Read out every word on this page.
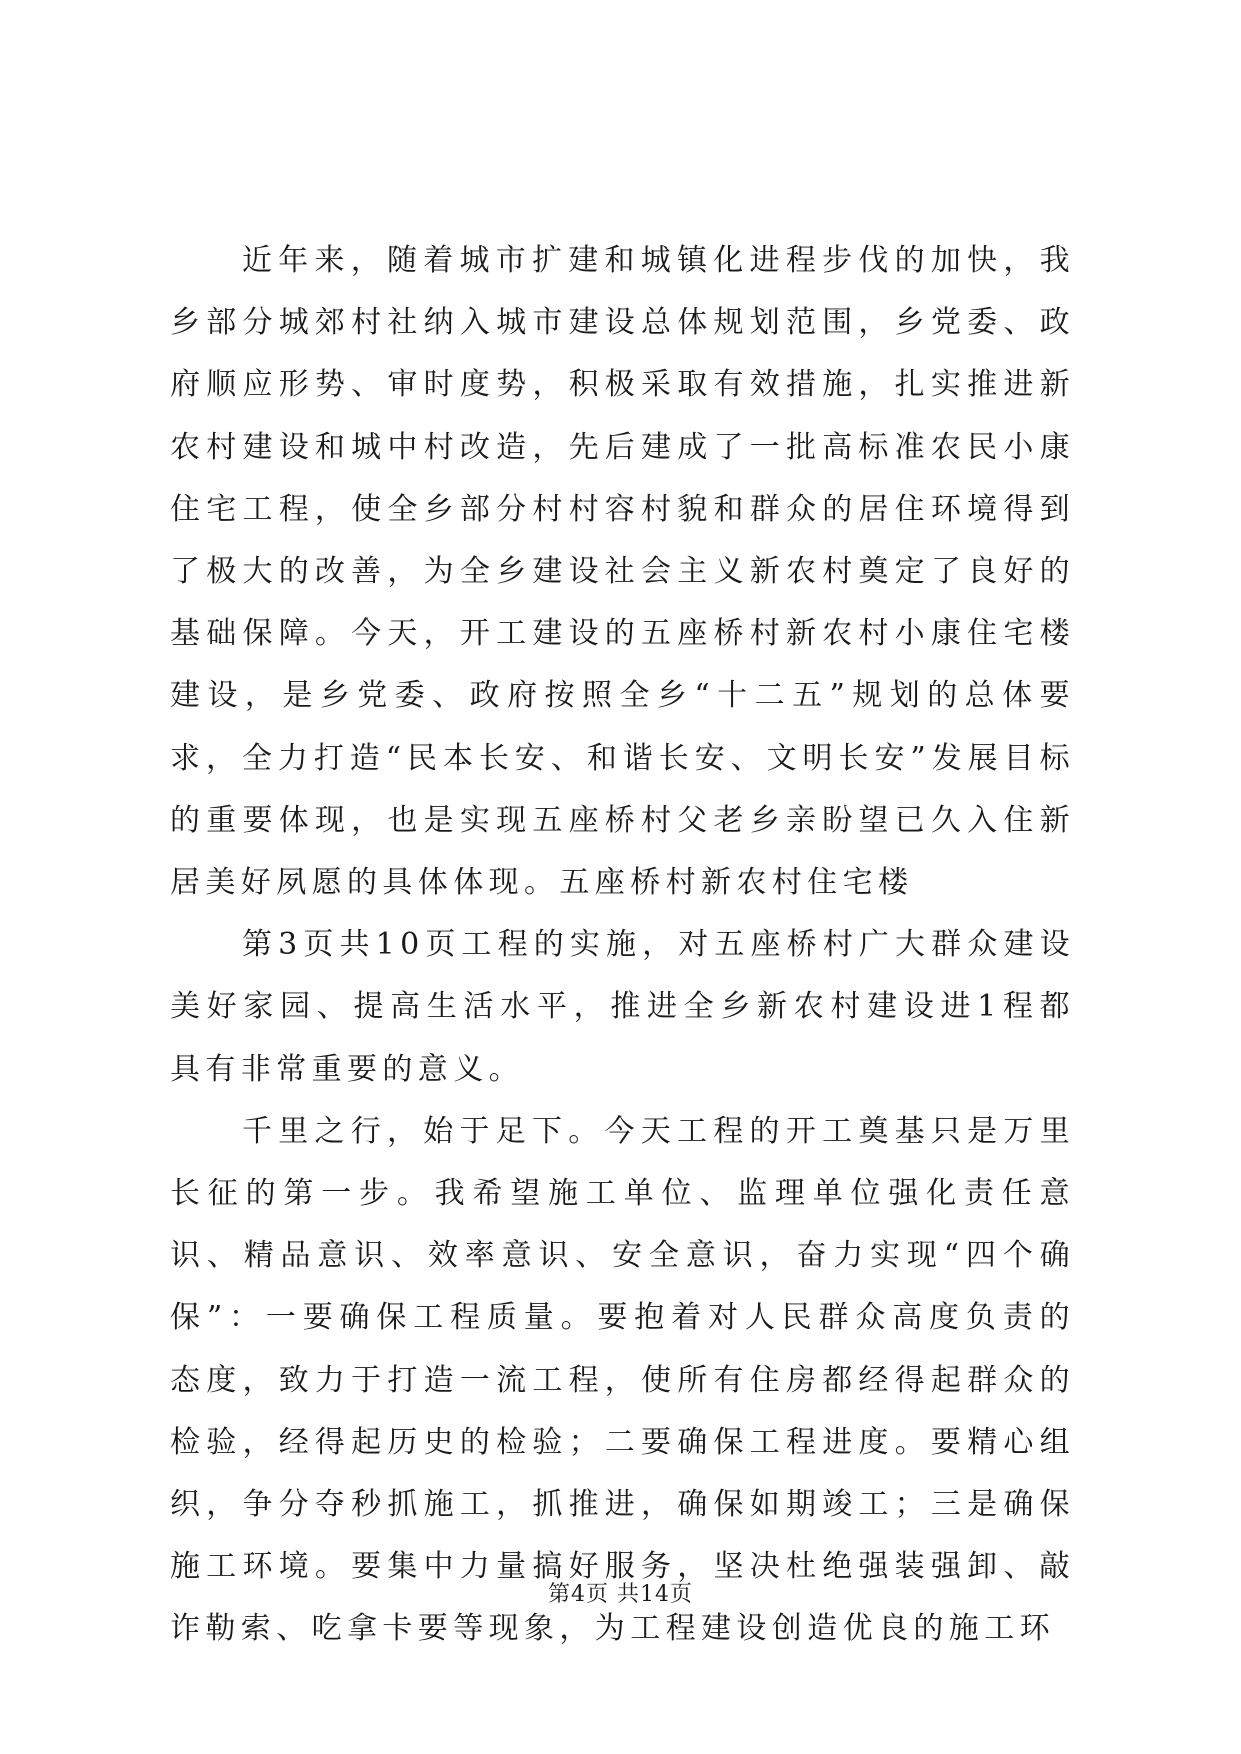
近年来，随着城市扩建和城镇化进程步伐的加快，我乡部分城郊村社纳入城市建设总体规划范围，乡党委、政府顺应形势、审时度势，积极采取有效措施，扎实推进新农村建设和城中村改造，先后建成了一批高标准农民小康住宅工程，使全乡部分村村容村貌和群众的居住环境得到了极大的改善，为全乡建设社会主义新农村奠定了良好的基础保障。今天，开工建设的五座桥村新农村小康住宅楼建设，是乡党委、政府按照全乡“十二五”规划的总体要求，全力打造“民本长安、和谐长安、文明长安”发展目标的重要体现，也是实现五座桥村父老乡亲盼望已久入住新居美好夙愿的具体体现。五座桥村新农村住宅楼

第3页共10页工程的实施，对五座桥村广大群众建设美好家园、提高生活水平，推进全乡新农村建设进1程都具有非常重要的意义。

千里之行，始于足下。今天工程的开工奠基只是万里长征的第一步。我希望施工单位、监理单位强化责任意识、精品意识、效率意识、安全意识，奋力实现“四个确保”：一要确保工程质量。要抱着对人民群众高度负责的态度，致力于打造一流工程，使所有住房都经得起群众的检验，经得起历史的检验；二要确保工程进度。要精心组织，争分夺秒抓施工，抓推进，确保如期竣工；三是确保施工环境。要集中力量搞好服务，坚决杜绝强装强卸、敲诈勒索、吃拿卡要等现象，为工程建设创造优良的施工环

第4页 共14页
